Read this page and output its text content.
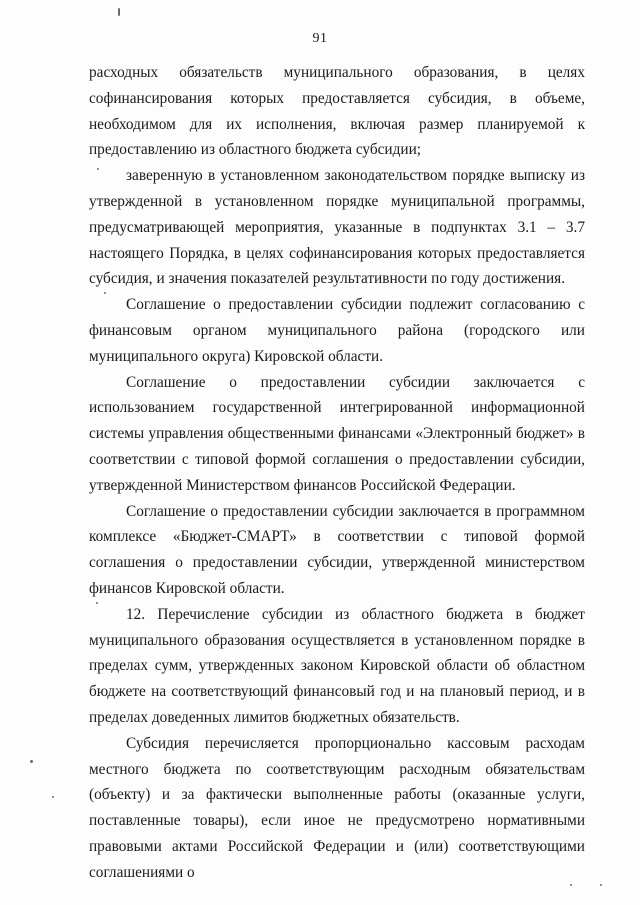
91

расходных обязательств муниципального образования, в целях софинансирования которых предоставляется субсидия, в объеме, необходимом для их исполнения, включая размер планируемой к предоставлению из областного бюджета субсидии;

заверенную в установленном законодательством порядке выписку из утвержденной в установленном порядке муниципальной программы, предусматривающей мероприятия, указанные в подпунктах 3.1 – 3.7 настоящего Порядка, в целях софинансирования которых предоставляется субсидия, и значения показателей результативности по году достижения.

Соглашение о предоставлении субсидии подлежит согласованию с финансовым органом муниципального района (городского или муниципального округа) Кировской области.

Соглашение о предоставлении субсидии заключается с использованием государственной интегрированной информационной системы управления общественными финансами «Электронный бюджет» в соответствии с типовой формой соглашения о предоставлении субсидии, утвержденной Министерством финансов Российской Федерации.

Соглашение о предоставлении субсидии заключается в программном комплексе «Бюджет-СМАРТ» в соответствии с типовой формой соглашения о предоставлении субсидии, утвержденной министерством финансов Кировской области.

12. Перечисление субсидии из областного бюджета в бюджет муниципального образования осуществляется в установленном порядке в пределах сумм, утвержденных законом Кировской области об областном бюджете на соответствующий финансовый год и на плановый период, и в пределах доведенных лимитов бюджетных обязательств.

Субсидия перечисляется пропорционально кассовым расходам местного бюджета по соответствующим расходным обязательствам (объекту) и за фактически выполненные работы (оказанные услуги, поставленные товары), если иное не предусмотрено нормативными правовыми актами Российской Федерации и (или) соответствующими соглашениями о
